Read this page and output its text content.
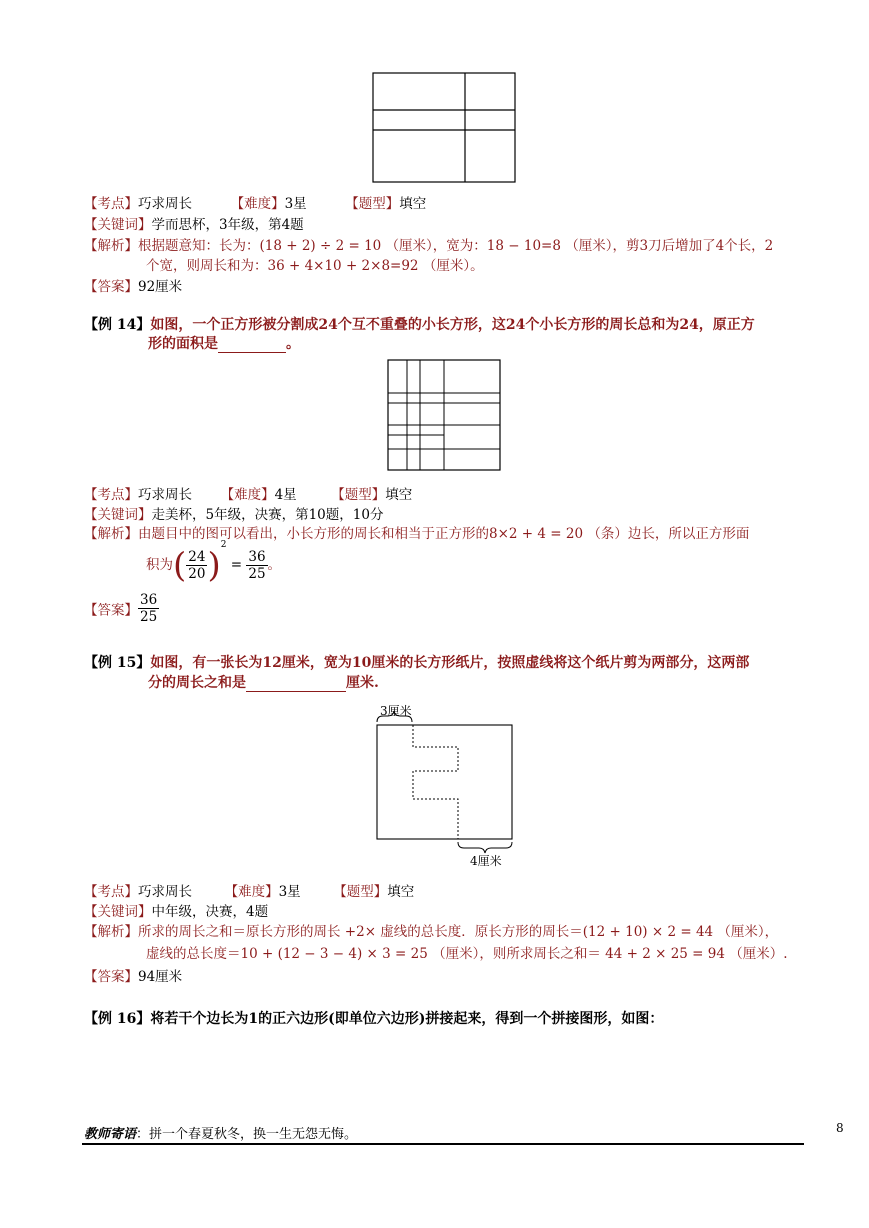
【考点】巧求周长	【难度】3星	【题型】填空
【关键词】学而思杯，3年级，第4题
【解析】根据题意知：长为：(18 + 2) ÷ 2 = 10 （厘米），宽为：18 − 10=8 （厘米），剪3刀后增加了4个长，2
个宽，则周长和为：36 + 4×10 + 2×8=92 （厘米）。
【答案】92厘米
【例 14】如图，一个正方形被分割成24个互不重叠的小长方形，这24个小长方形的周长总和为24，原正方
形的面积是	。
【考点】巧求周长 【难度】4星	【题型】填空
【关键词】走美杯，5年级，决赛，第10题，10分
【解析】由题目中的图可以看出，小长方形的周长和相当于正方形的8×2 + 4 = 20 （条）边长，所以正方形面
积为( $\frac{24}{20} )^2 = \frac{36}{25}$ 。
【答案】 $\frac{36}{25}$
【例 15】如图，有一张长为12厘米，宽为10厘米的长方形纸片，按照虚线将这个纸片剪为两部分，这两部
分的周长之和是	厘米.
3厘米
4厘米
【考点】巧求周长 【难度】3星 【题型】填空
【关键词】中年级，决赛，4题
【解析】所求的周长之和＝原长方形的周长 +2× 虚线的总长度．原长方形的周长＝(12 + 10) × 2 = 44 （厘米），
虚线的总长度＝10 + (12 − 3 − 4) × 3 = 25 （厘米），则所求周长之和＝ 44 + 2 × 25 = 94 （厘米）.
【答案】94厘米
【例 16】将若干个边长为1的正六边形(即单位六边形)拼接起来，得到一个拼接图形，如图：
教师寄语：拼一个春夏秋冬，换一生无怨无悔。	8
